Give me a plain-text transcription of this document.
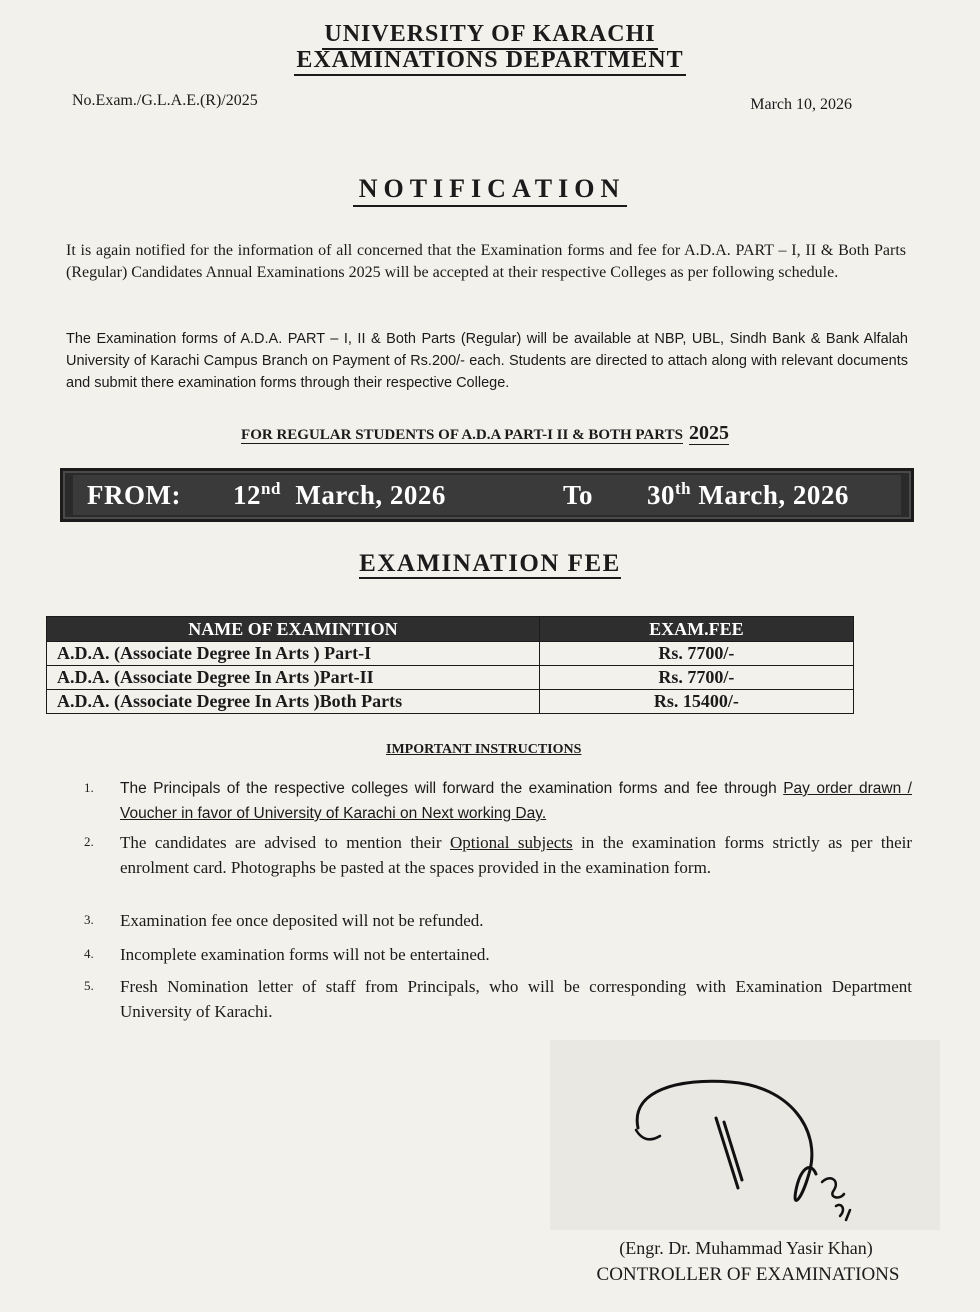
UNIVERSITY OF KARACHI
EXAMINATIONS DEPARTMENT
No.Exam./G.L.A.E.(R)/2025	March 10, 2026
NOTIFICATION
It is again notified for the information of all concerned that the Examination forms and fee for A.D.A. PART – I, II & Both Parts (Regular) Candidates Annual Examinations 2025 will be accepted at their respective Colleges as per following schedule.
The Examination forms of A.D.A. PART – I, II & Both Parts (Regular) will be available at NBP, UBL, Sindh Bank & Bank Alfalah University of Karachi Campus Branch on Payment of Rs.200/- each. Students are directed to attach along with relevant documents and submit there examination forms through their respective College.
FOR REGULAR STUDENTS OF A.D.A PART-I II & BOTH PARTS 2025
FROM: 12nd March, 2026	To 30th March, 2026
EXAMINATION FEE
NAME OF EXAMINTION	EXAM.FEE
A.D.A. (Associate Degree In Arts ) Part-I	Rs. 7700/-
A.D.A. (Associate Degree In Arts )Part-II	Rs. 7700/-
A.D.A. (Associate Degree In Arts )Both Parts	Rs. 15400/-
IMPORTANT INSTRUCTIONS
1. The Principals of the respective colleges will forward the examination forms and fee through Pay order drawn / Voucher in favor of University of Karachi on Next working Day.
2. The candidates are advised to mention their Optional subjects in the examination forms strictly as per their enrolment card. Photographs be pasted at the spaces provided in the examination form.
3. Examination fee once deposited will not be refunded.
4. Incomplete examination forms will not be entertained.
5. Fresh Nomination letter of staff from Principals, who will be corresponding with Examination Department University of Karachi.
(Engr. Dr. Muhammad Yasir Khan)
CONTROLLER OF EXAMINATIONS
